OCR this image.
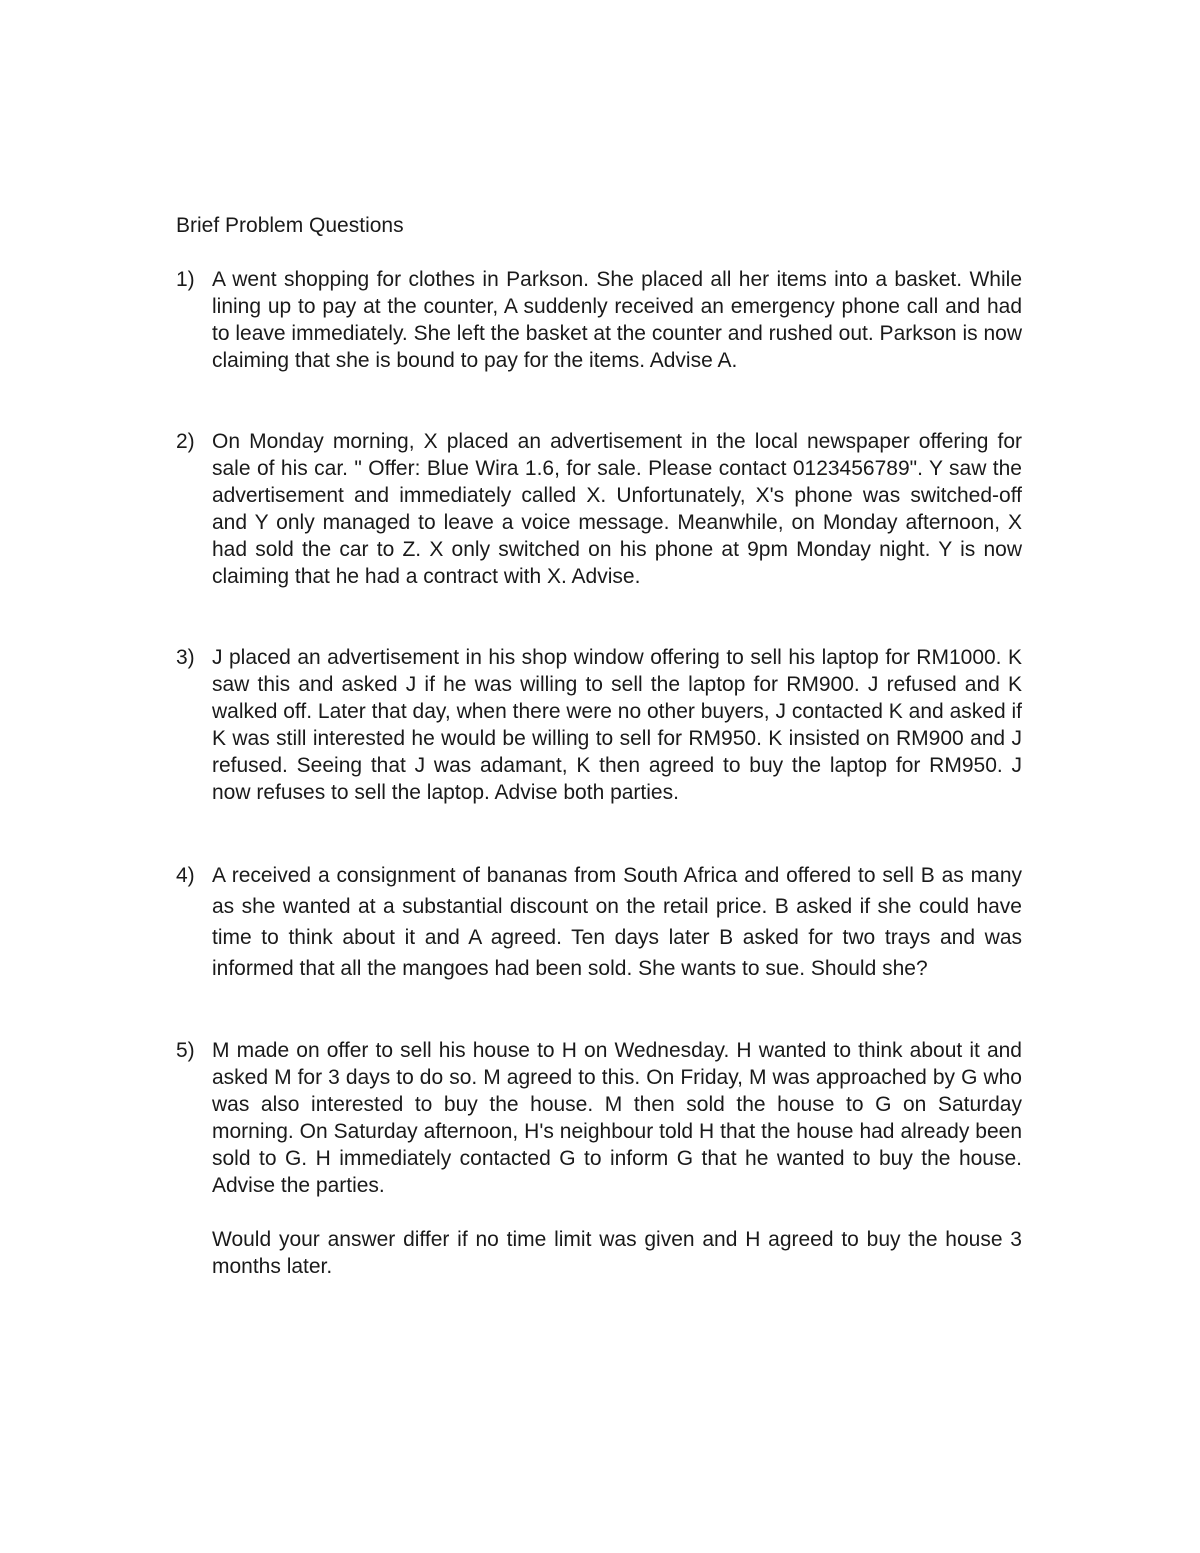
Brief Problem Questions
1) A went shopping for clothes in Parkson. She placed all her items into a basket. While lining up to pay at the counter, A suddenly received an emergency phone call and had to leave immediately. She left the basket at the counter and rushed out. Parkson is now claiming that she is bound to pay for the items. Advise A.
2) On Monday morning, X placed an advertisement in the local newspaper offering for sale of his car. " Offer: Blue Wira 1.6, for sale. Please contact 0123456789". Y saw the advertisement and immediately called X. Unfortunately, X's phone was switched-off and Y only managed to leave a voice message. Meanwhile, on Monday afternoon, X had sold the car to Z. X only switched on his phone at 9pm Monday night. Y is now claiming that he had a contract with X. Advise.
3) J placed an advertisement in his shop window offering to sell his laptop for RM1000. K saw this and asked J if he was willing to sell the laptop for RM900. J refused and K walked off. Later that day, when there were no other buyers, J contacted K and asked if K was still interested he would be willing to sell for RM950. K insisted on RM900 and J refused. Seeing that J was adamant, K then agreed to buy the laptop for RM950. J now refuses to sell the laptop. Advise both parties.
4) A received a consignment of bananas from South Africa and offered to sell B as many as she wanted at a substantial discount on the retail price. B asked if she could have time to think about it and A agreed. Ten days later B asked for two trays and was informed that all the mangoes had been sold. She wants to sue. Should she?
5) M made on offer to sell his house to H on Wednesday. H wanted to think about it and asked M for 3 days to do so. M agreed to this. On Friday, M was approached by G who was also interested to buy the house. M then sold the house to G on Saturday morning. On Saturday afternoon, H's neighbour told H that the house had already been sold to G. H immediately contacted G to inform G that he wanted to buy the house. Advise the parties.
Would your answer differ if no time limit was given and H agreed to buy the house 3 months later.
